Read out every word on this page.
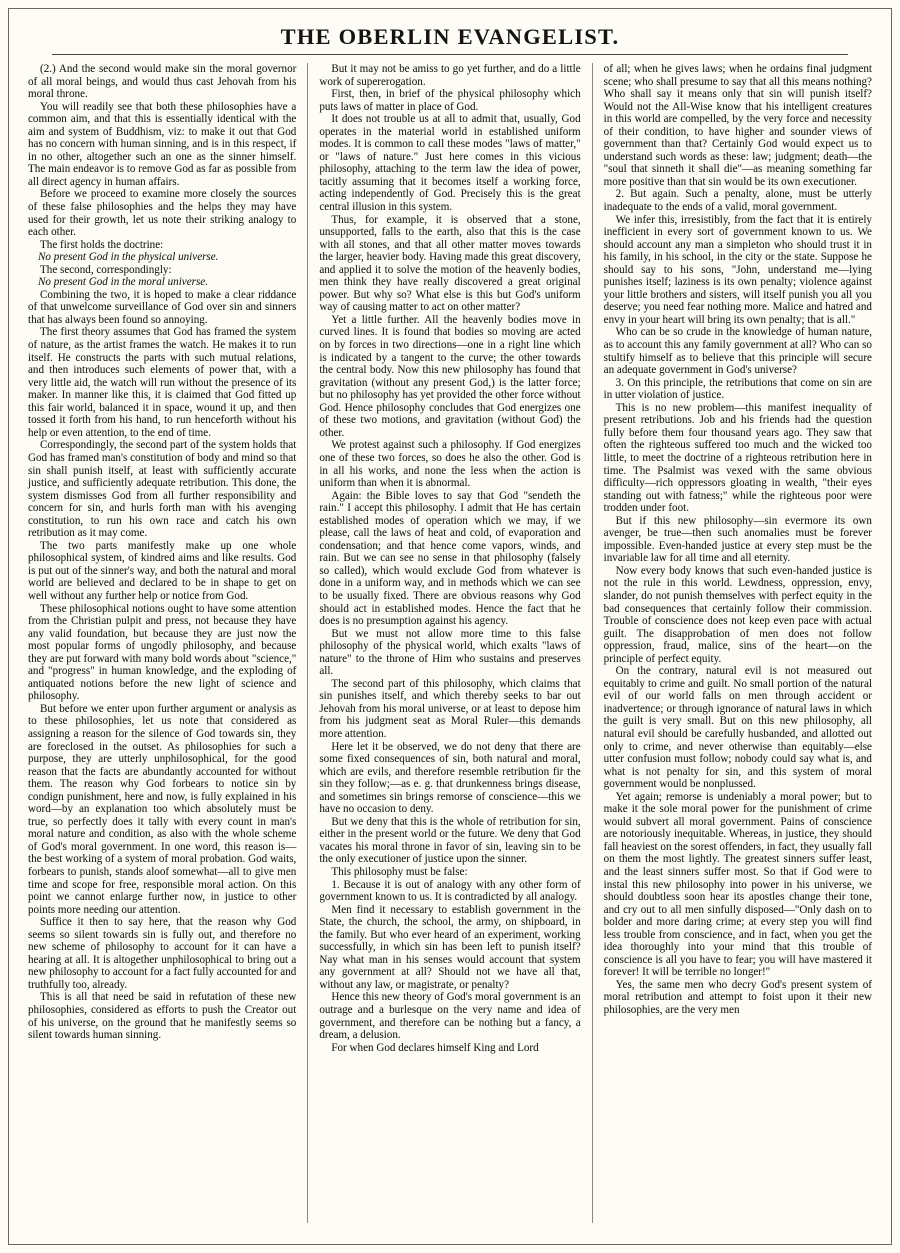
THE OBERLIN EVANGELIST.

(2.) And the second would make sin the moral governor of all moral beings, and would thus cast Jehovah from his moral throne.

You will readily see that both these philosophies have a common aim, and that this is essentially identical with the aim and system of Buddhism, viz: to make it out that God has no concern with human sinning, and is in this respect, if in no other, altogether such an one as the sinner himself. The main endeavor is to remove God as far as possible from all direct agency in human affairs.

Before we proceed to examine more closely the sources of these false philosophies and the helps they may have used for their growth, let us note their striking analogy to each other.

The first holds the doctrine:

No present God in the physical universe.

The second, correspondingly:

No present God in the moral universe.

Combining the two, it is hoped to make a clear riddance of that unwelcome surveillance of God over sin and sinners that has always been found so annoying.

The first theory assumes that God has framed the system of nature, as the artist frames the watch. He makes it to run itself. He constructs the parts with such mutual relations, and then introduces such elements of power that, with a very little aid, the watch will run without the presence of its maker. In manner like this, it is claimed that God fitted up this fair world, balanced it in space, wound it up, and then tossed it forth from his hand, to run henceforth without his help or even attention, to the end of time.

Correspondingly, the second part of the system holds that God has framed man's constitution of body and mind so that sin shall punish itself, at least with sufficiently accurate justice, and sufficiently adequate retribution. This done, the system dismisses God from all further responsibility and concern for sin, and hurls forth man with his avenging constitution, to run his own race and catch his own retribution as it may come.

The two parts manifestly make up one whole philosophical system, of kindred aims and like results. God is put out of the sinner's way, and both the natural and moral world are believed and declared to be in shape to get on well without any further help or notice from God.

These philosophical notions ought to have some attention from the Christian pulpit and press, not because they have any valid foundation, but because they are just now the most popular forms of ungodly philosophy, and because they are put forward with many bold words about "science," and "progress" in human knowledge, and the exploding of antiquated notions before the new light of science and philosophy.

But before we enter upon further argument or analysis as to these philosophies, let us note that considered as assigning a reason for the silence of God towards sin, they are foreclosed in the outset. As philosophies for such a purpose, they are utterly unphilosophical, for the good reason that the facts are abundantly accounted for without them. The reason why God forbears to notice sin by condign punishment, here and now, is fully explained in his word—by an explanation too which absolutely must be true, so perfectly does it tally with every count in man's moral nature and condition, as also with the whole scheme of God's moral government. In one word, this reason is—the best working of a system of moral probation. God waits, forbears to punish, stands aloof somewhat—all to give men time and scope for free, responsible moral action. On this point we cannot enlarge further now, in justice to other points more needing our attention.

Suffice it then to say here, that the reason why God seems so silent towards sin is fully out, and therefore no new scheme of philosophy to account for it can have a hearing at all. It is altogether unphilosophical to bring out a new philosophy to account for a fact fully accounted for and truthfully too, already.

This is all that need be said in refutation of these new philosophies, considered as efforts to push the Creator out of his universe, on the ground that he manifestly seems so silent towards human sinning.

But it may not be amiss to go yet further, and do a little work of supererogation.

First, then, in brief of the physical philosophy which puts laws of matter in place of God.

It does not trouble us at all to admit that, usually, God operates in the material world in established uniform modes. It is common to call these modes "laws of matter," or "laws of nature." Just here comes in this vicious philosophy, attaching to the term law the idea of power, tacitly assuming that it becomes itself a working force, acting independently of God. Precisely this is the great central illusion in this system.

Thus, for example, it is observed that a stone, unsupported, falls to the earth, also that this is the case with all stones, and that all other matter moves towards the larger, heavier body. Having made this great discovery, and applied it to solve the motion of the heavenly bodies, men think they have really discovered a great original power. But why so? What else is this but God's uniform way of causing matter to act on other matter?

Yet a little further. All the heavenly bodies move in curved lines. It is found that bodies so moving are acted on by forces in two directions—one in a right line which is indicated by a tangent to the curve; the other towards the central body. Now this new philosophy has found that gravitation (without any present God,) is the latter force; but no philosophy has yet provided the other force without God. Hence philosophy concludes that God energizes one of these two motions, and gravitation (without God) the other.

We protest against such a philosophy. If God energizes one of these two forces, so does he also the other. God is in all his works, and none the less when the action is uniform than when it is abnormal.

Again: the Bible loves to say that God "sendeth the rain." I accept this philosophy. I admit that He has certain established modes of operation which we may, if we please, call the laws of heat and cold, of evaporation and condensation; and that hence come vapors, winds, and rain. But we can see no sense in that philosophy (falsely so called), which would exclude God from whatever is done in a uniform way, and in methods which we can see to be usually fixed. There are obvious reasons why God should act in established modes. Hence the fact that he does is no presumption against his agency.

But we must not allow more time to this false philosophy of the physical world, which exalts "laws of nature" to the throne of Him who sustains and preserves all.

The second part of this philosophy, which claims that sin punishes itself, and which thereby seeks to bar out Jehovah from his moral universe, or at least to depose him from his judgment seat as Moral Ruler—this demands more attention.

Here let it be observed, we do not deny that there are some fixed consequences of sin, both natural and moral, which are evils, and therefore resemble retribution fir the sin they follow;—as e. g. that drunkenness brings disease, and sometimes sin brings remorse of conscience—this we have no occasion to deny.

But we deny that this is the whole of retribution for sin, either in the present world or the future. We deny that God vacates his moral throne in favor of sin, leaving sin to be the only executioner of justice upon the sinner.

This philosophy must be false:

1. Because it is out of analogy with any other form of government known to us. It is contradicted by all analogy.

Men find it necessary to establish government in the State, the church, the school, the army, on shipboard, in the family. But who ever heard of an experiment, working successfully, in which sin has been left to punish itself? Nay what man in his senses would account that system any government at all? Should not we have all that, without any law, or magistrate, or penalty?

Hence this new theory of God's moral government is an outrage and a burlesque on the very name and idea of government, and therefore can be nothing but a fancy, a dream, a delusion.

For when God declares himself King and Lord

of all; when he gives laws; when he ordains final judgment scene; who shall presume to say that all this means nothing? Who shall say it means only that sin will punish itself? Would not the All-Wise know that his intelligent creatures in this world are compelled, by the very force and necessity of their condition, to have higher and sounder views of government than that? Certainly God would expect us to understand such words as these: law; judgment; death—the "soul that sinneth it shall die"—as meaning something far more positive than that sin would be its own executioner.

2. But again. Such a penalty, alone, must be utterly inadequate to the ends of a valid, moral government.

We infer this, irresistibly, from the fact that it is entirely inefficient in every sort of government known to us. We should account any man a simpleton who should trust it in his family, in his school, in the city or the state. Suppose he should say to his sons, "John, understand me—lying punishes itself; laziness is its own penalty; violence against your little brothers and sisters, will itself punish you all you deserve; you need fear nothing more. Malice and hatred and envy in your heart will bring its own penalty; that is all."

Who can be so crude in the knowledge of human nature, as to account this any family government at all? Who can so stultify himself as to believe that this principle will secure an adequate government in God's universe?

3. On this principle, the retributions that come on sin are in utter violation of justice.

This is no new problem—this manifest inequality of present retributions. Job and his friends had the question fully before them four thousand years ago. They saw that often the righteous suffered too much and the wicked too little, to meet the doctrine of a righteous retribution here in time. The Psalmist was vexed with the same obvious difficulty—rich oppressors gloating in wealth, "their eyes standing out with fatness;" while the righteous poor were trodden under foot.

But if this new philosophy—sin evermore its own avenger, be true—then such anomalies must be forever impossible. Even-handed justice at every step must be the invariable law for all time and all eternity.

Now every body knows that such even-handed justice is not the rule in this world. Lewdness, oppression, envy, slander, do not punish themselves with perfect equity in the bad consequences that certainly follow their commission. Trouble of conscience does not keep even pace with actual guilt. The disapprobation of men does not follow oppression, fraud, malice, sins of the heart—on the principle of perfect equity.

On the contrary, natural evil is not measured out equitably to crime and guilt. No small portion of the natural evil of our world falls on men through accident or inadvertence; or through ignorance of natural laws in which the guilt is very small. But on this new philosophy, all natural evil should be carefully husbanded, and allotted out only to crime, and never otherwise than equitably—else utter confusion must follow; nobody could say what is, and what is not penalty for sin, and this system of moral government would be nonplussed.

Yet again; remorse is undeniably a moral power; but to make it the sole moral power for the punishment of crime would subvert all moral government. Pains of conscience are notoriously inequitable. Whereas, in justice, they should fall heaviest on the sorest offenders, in fact, they usually fall on them the most lightly. The greatest sinners suffer least, and the least sinners suffer most. So that if God were to instal this new philosophy into power in his universe, we should doubtless soon hear its apostles change their tone, and cry out to all men sinfully disposed—"Only dash on to bolder and more daring crime; at every step you will find less trouble from conscience, and in fact, when you get the idea thoroughly into your mind that this trouble of conscience is all you have to fear; you will have mastered it forever! It will be terrible no longer!"

Yes, the same men who decry God's present system of moral retribution and attempt to foist upon it their new philosophies, are the very men
